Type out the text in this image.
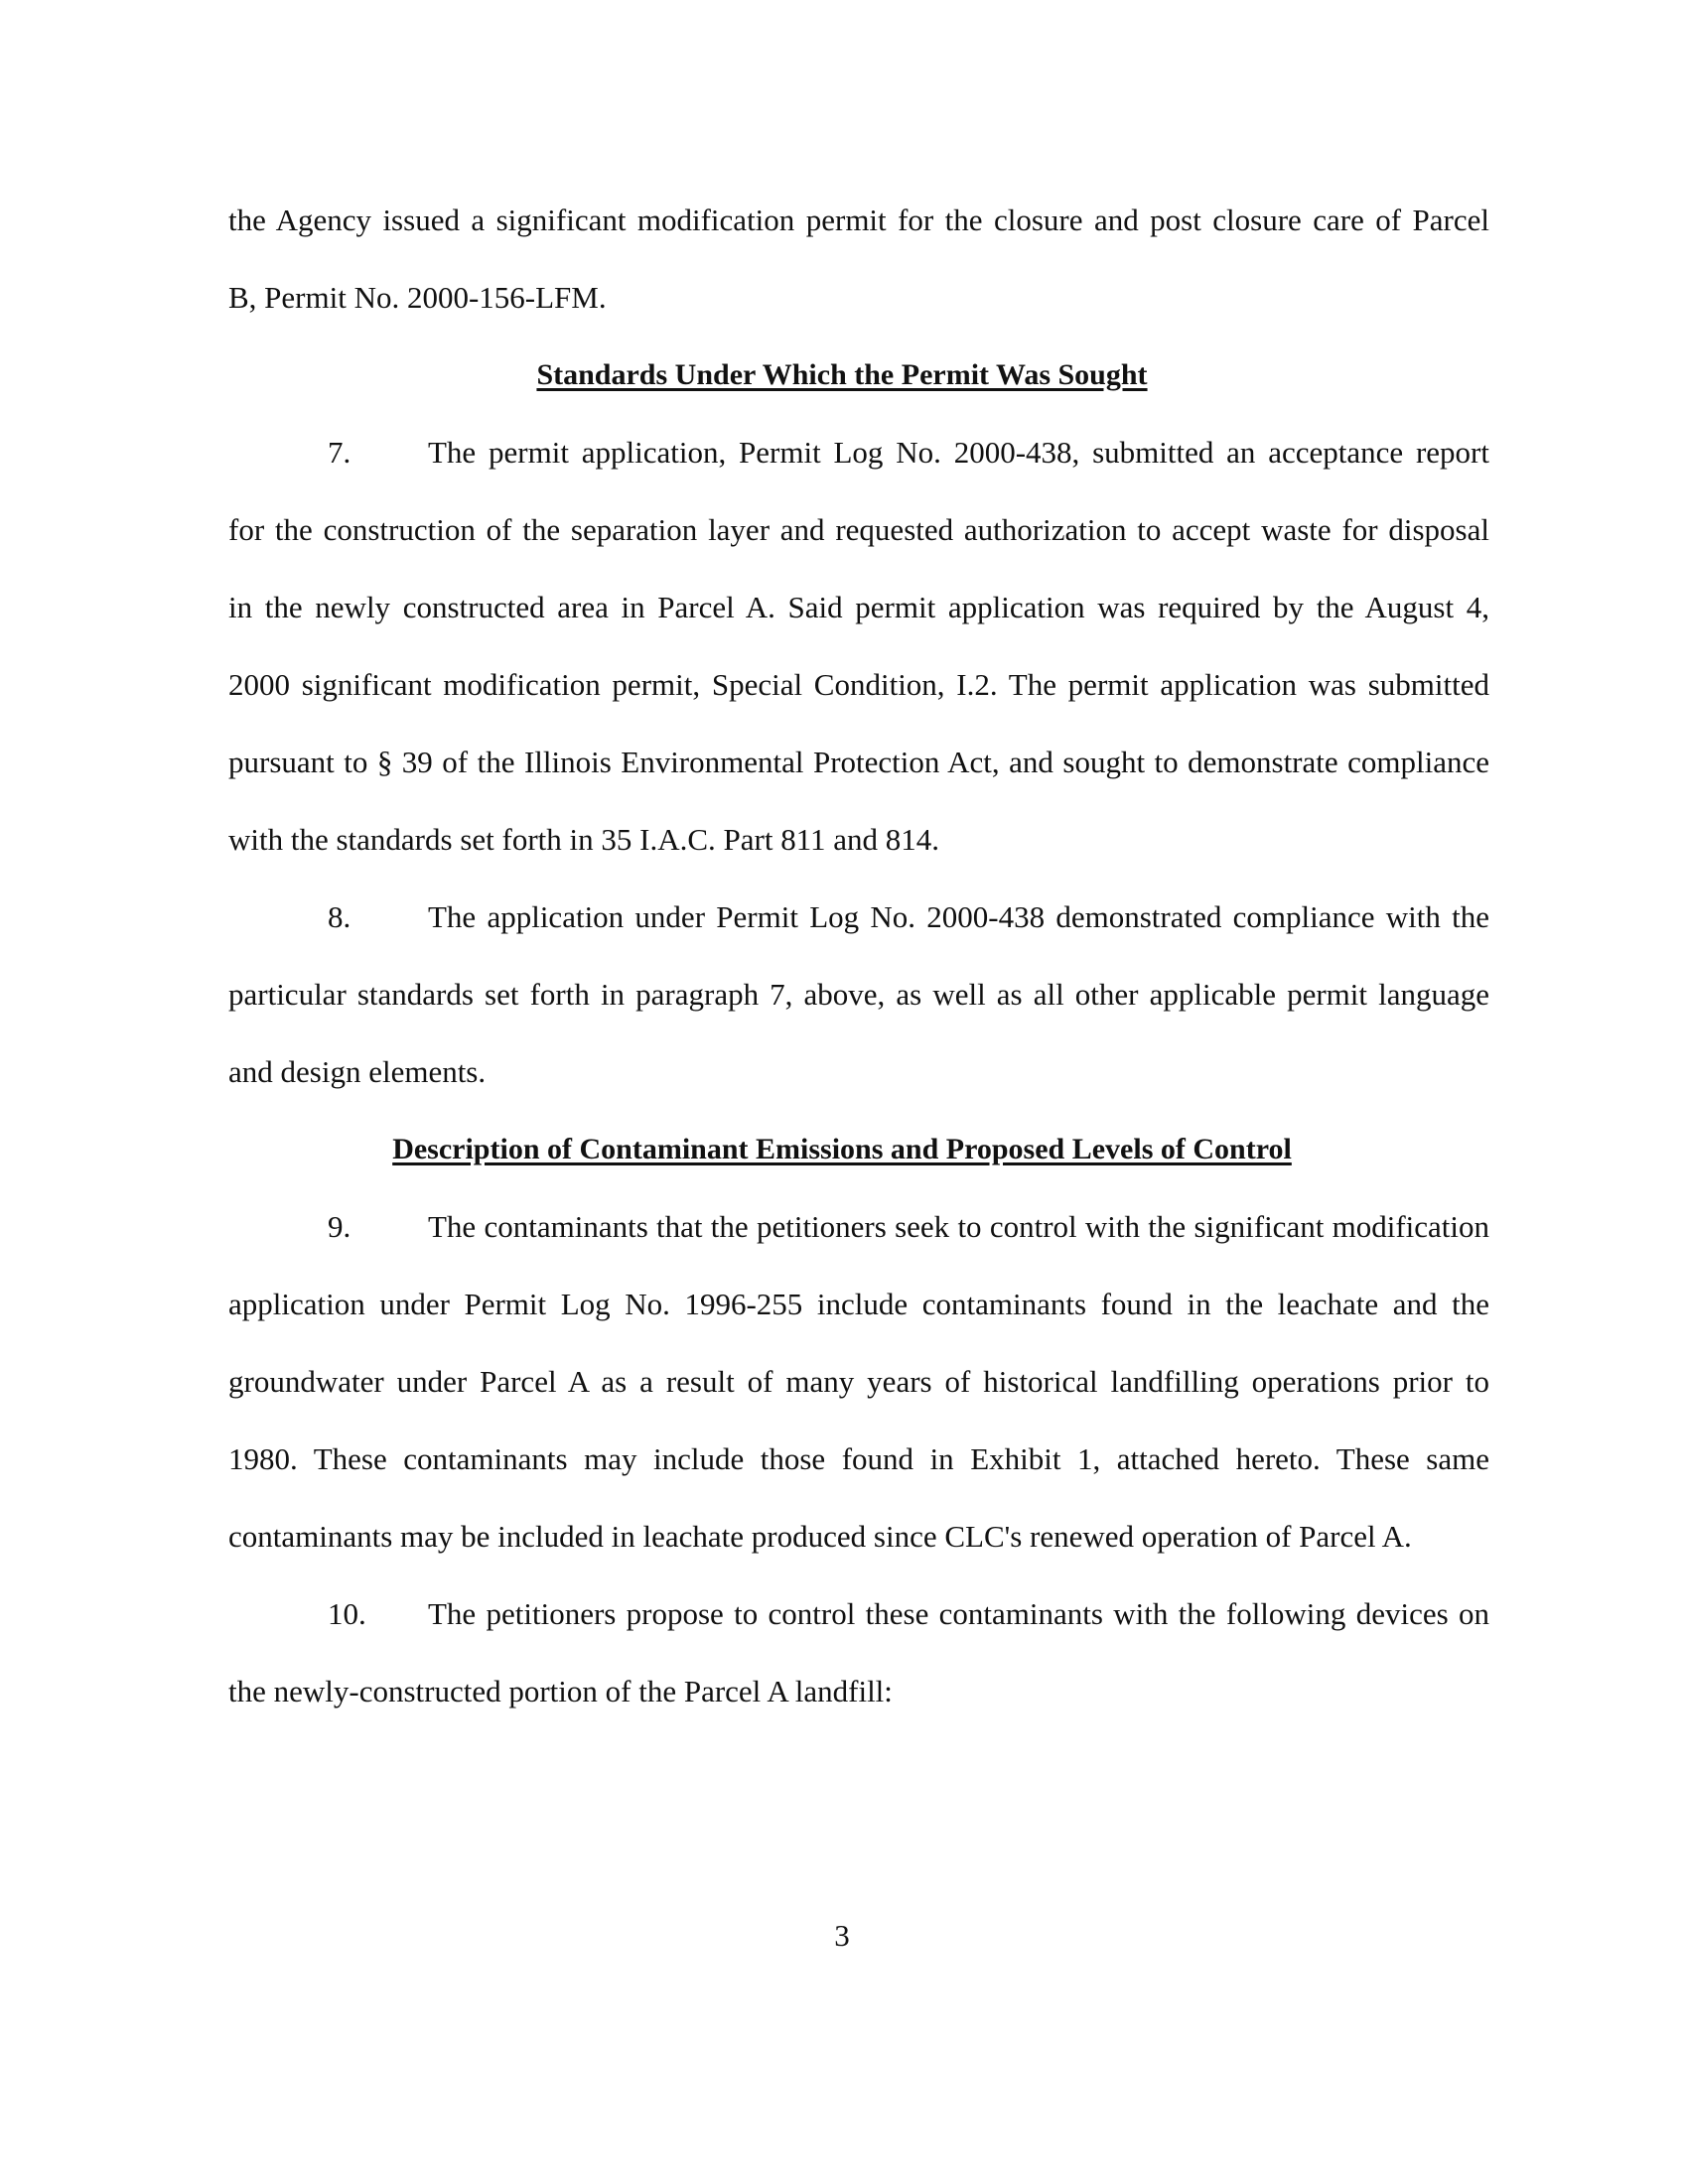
the Agency issued a significant modification permit for the closure and post closure care of Parcel
B, Permit No. 2000-156-LFM.
Standards Under Which the Permit Was Sought
7.	The permit application, Permit Log No. 2000-438, submitted an acceptance report
for the construction of the separation layer and requested authorization to accept waste for disposal
in the newly constructed area in Parcel A. Said permit application was required by the August 4,
2000 significant modification permit, Special Condition, I.2. The permit application was submitted
pursuant to § 39 of the Illinois Environmental Protection Act, and sought to demonstrate compliance
with the standards set forth in 35 I.A.C. Part 811 and 814.
8.	The application under Permit Log No. 2000-438 demonstrated compliance with the
particular standards set forth in paragraph 7, above, as well as all other applicable permit language
and design elements.
Description of Contaminant Emissions and Proposed Levels of Control
9.	The contaminants that the petitioners seek to control with the significant modification
application under Permit Log No. 1996-255 include contaminants found in the leachate and the
groundwater under Parcel A as a result of many years of historical landfilling operations prior to
1980. These contaminants may include those found in Exhibit 1, attached hereto. These same
contaminants may be included in leachate produced since CLC's renewed operation of Parcel A.
10. The petitioners propose to control these contaminants with the following devices on
the newly-constructed portion of the Parcel A landfill:
3
